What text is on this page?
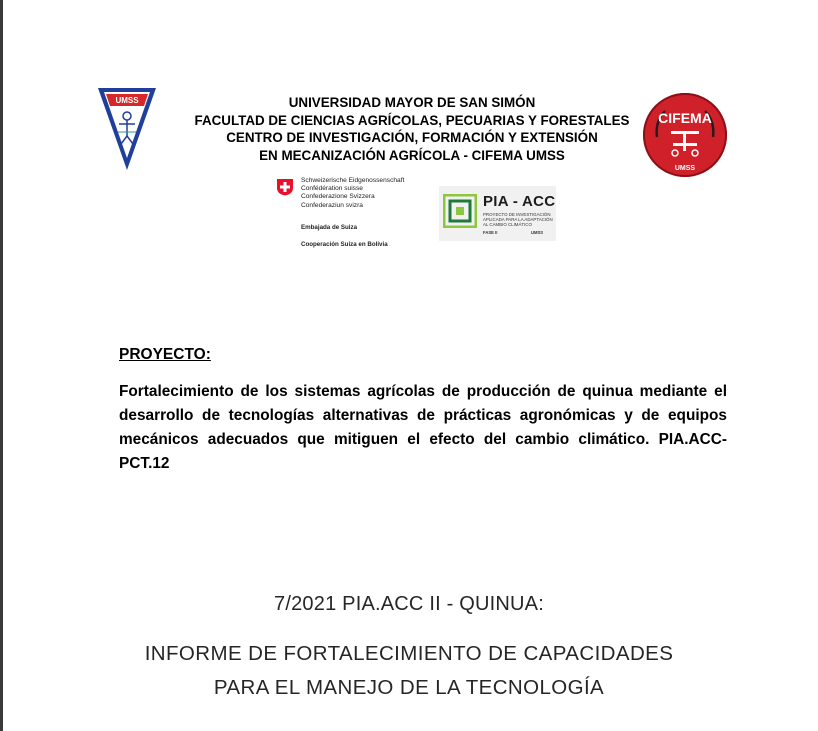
UMSS	UNIVERSIDAD MAYOR DE SAN SIMÓN
FACULTAD DE CIENCIAS AGRÍCOLAS, PECUARIAS Y FORESTALES
CENTRO DE INVESTIGACIÓN, FORMACIÓN Y EXTENSIÓN
EN MECANIZACIÓN AGRÍCOLA - CIFEMA UMSS
CIFEMA
UMSS
Schweizerische Eidgenossenschaft
Confédération suisse
Confederazione Svizzera
Confederaziun svizra
Embajada de Suiza
Cooperación Suiza en Bolivia
PIA - ACC
PROYECTO DE INVESTIGACIÓN
APLICADA PARA LA ADAPTACIÓN
AL CAMBIO CLIMÁTICO
FASE II	UMSS
PROYECTO:
Fortalecimiento de los sistemas agrícolas de producción de quinua mediante el desarrollo de tecnologías alternativas de prácticas agronómicas y de equipos mecánicos adecuados que mitiguen el efecto del cambio climático. PIA.ACC-PCT.12
7/2021 PIA.ACC II - QUINUA:
INFORME DE FORTALECIMIENTO DE CAPACIDADES
PARA EL MANEJO DE LA TECNOLOGÍA
